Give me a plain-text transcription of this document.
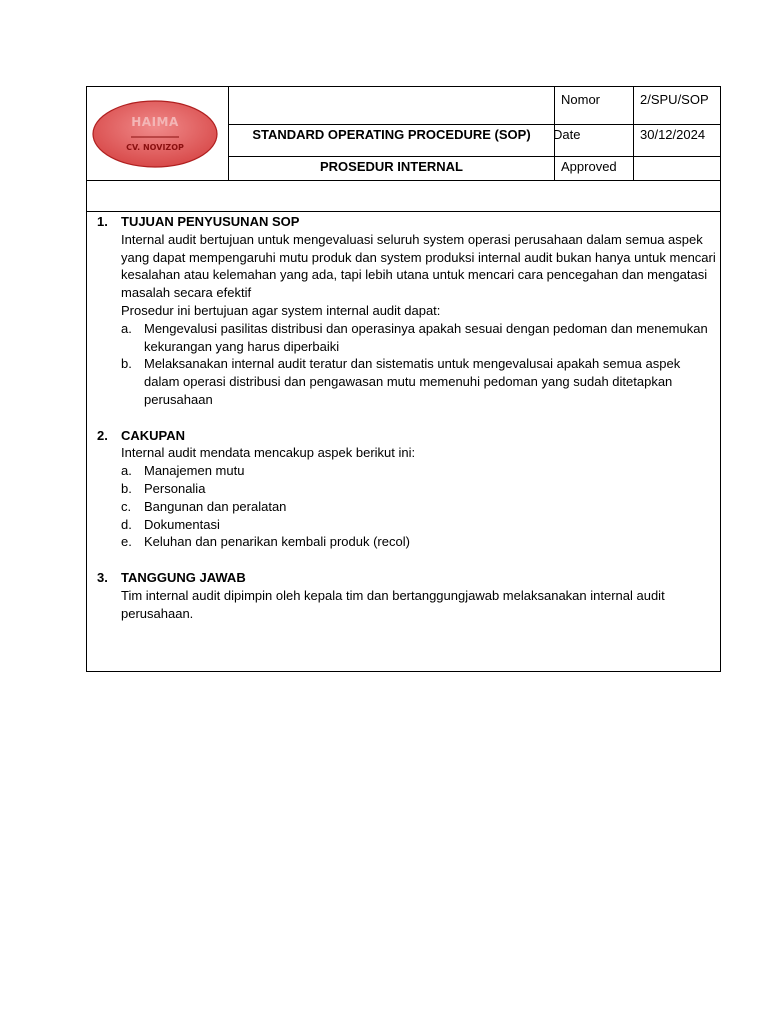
HAIMA
CV. NOVIZOP
STANDARD OPERATING PROCEDURE (SOP)
PROSEDUR INTERNAL
Nomor
Date
Approved
2/SPU/SOP
30/12/2024
1. TUJUAN PENYUSUNAN SOP
Internal audit bertujuan untuk mengevaluasi seluruh system operasi perusahaan dalam semua aspek yang dapat mempengaruhi mutu produk dan system produksi internal audit bukan hanya untuk mencari kesalahan atau kelemahan yang ada, tapi lebih utana untuk mencari cara pencegahan dan mengatasi masalah secara efektif
Prosedur ini bertujuan agar system internal audit dapat:
a. Mengevalusi pasilitas distribusi dan operasinya apakah sesuai dengan pedoman dan menemukan kekurangan yang harus diperbaiki
b. Melaksanakan internal audit teratur dan sistematis untuk mengevalusai apakah semua aspek dalam operasi distribusi dan pengawasan mutu memenuhi pedoman yang sudah ditetapkan perusahaan
2. CAKUPAN
Internal audit mendata mencakup aspek berikut ini:
a. Manajemen mutu
b. Personalia
c. Bangunan dan peralatan
d. Dokumentasi
e. Keluhan dan penarikan kembali produk (recol)
3. TANGGUNG JAWAB
Tim internal audit dipimpin oleh kepala tim dan bertanggungjawab melaksanakan internal audit perusahaan.
